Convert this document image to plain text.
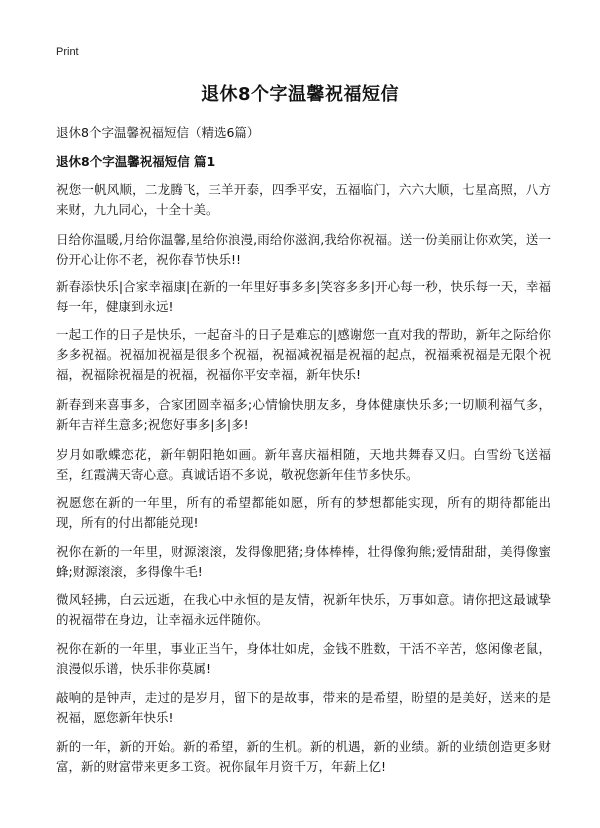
Print
退休8个字温馨祝福短信
退休8个字温馨祝福短信（精选6篇）
退休8个字温馨祝福短信 篇1
祝您一帆风顺，二龙腾飞，三羊开泰，四季平安，五福临门，六六大顺，七星高照，八方来财，九九同心，十全十美。
日给你温暖,月给你温馨,星给你浪漫,雨给你滋润,我给你祝福。送一份美丽让你欢笑，送一份开心让你不老，祝你春节快乐!!
新春添快乐|合家幸福康|在新的一年里好事多多|笑容多多|开心每一秒，快乐每一天，幸福每一年，健康到永远!
一起工作的日子是快乐，一起奋斗的日子是难忘的|感谢您一直对我的帮助，新年之际给你多多祝福。祝福加祝福是很多个祝福，祝福减祝福是祝福的起点，祝福乘祝福是无限个祝福，祝福除祝福是的祝福，祝福你平安幸福，新年快乐!
新春到来喜事多，合家团圆幸福多;心情愉快朋友多，身体健康快乐多;一切顺利福气多，新年吉祥生意多;祝您好事多|多|多!
岁月如歌蝶恋花，新年朝阳艳如画。新年喜庆福相随，天地共舞春又归。白雪纷飞送福至，红霞满天寄心意。真诚话语不多说，敬祝您新年佳节多快乐。
祝愿您在新的一年里，所有的希望都能如愿，所有的梦想都能实现，所有的期待都能出现，所有的付出都能兑现!
祝你在新的一年里，财源滚滚，发得像肥猪;身体棒棒，壮得像狗熊;爱情甜甜，美得像蜜蜂;财源滚滚，多得像牛毛!
微风轻拂，白云远逝，在我心中永恒的是友情，祝新年快乐，万事如意。请你把这最诚挚的祝福带在身边，让幸福永远伴随你。
祝你在新的一年里，事业正当午，身体壮如虎，金钱不胜数，干活不辛苦，悠闲像老鼠，浪漫似乐谱，快乐非你莫属!
敲响的是钟声，走过的是岁月，留下的是故事，带来的是希望，盼望的是美好，送来的是祝福，愿您新年快乐!
新的一年，新的开始。新的希望，新的生机。新的机遇，新的业绩。新的业绩创造更多财富，新的财富带来更多工资。祝你鼠年月资千万，年薪上亿!
